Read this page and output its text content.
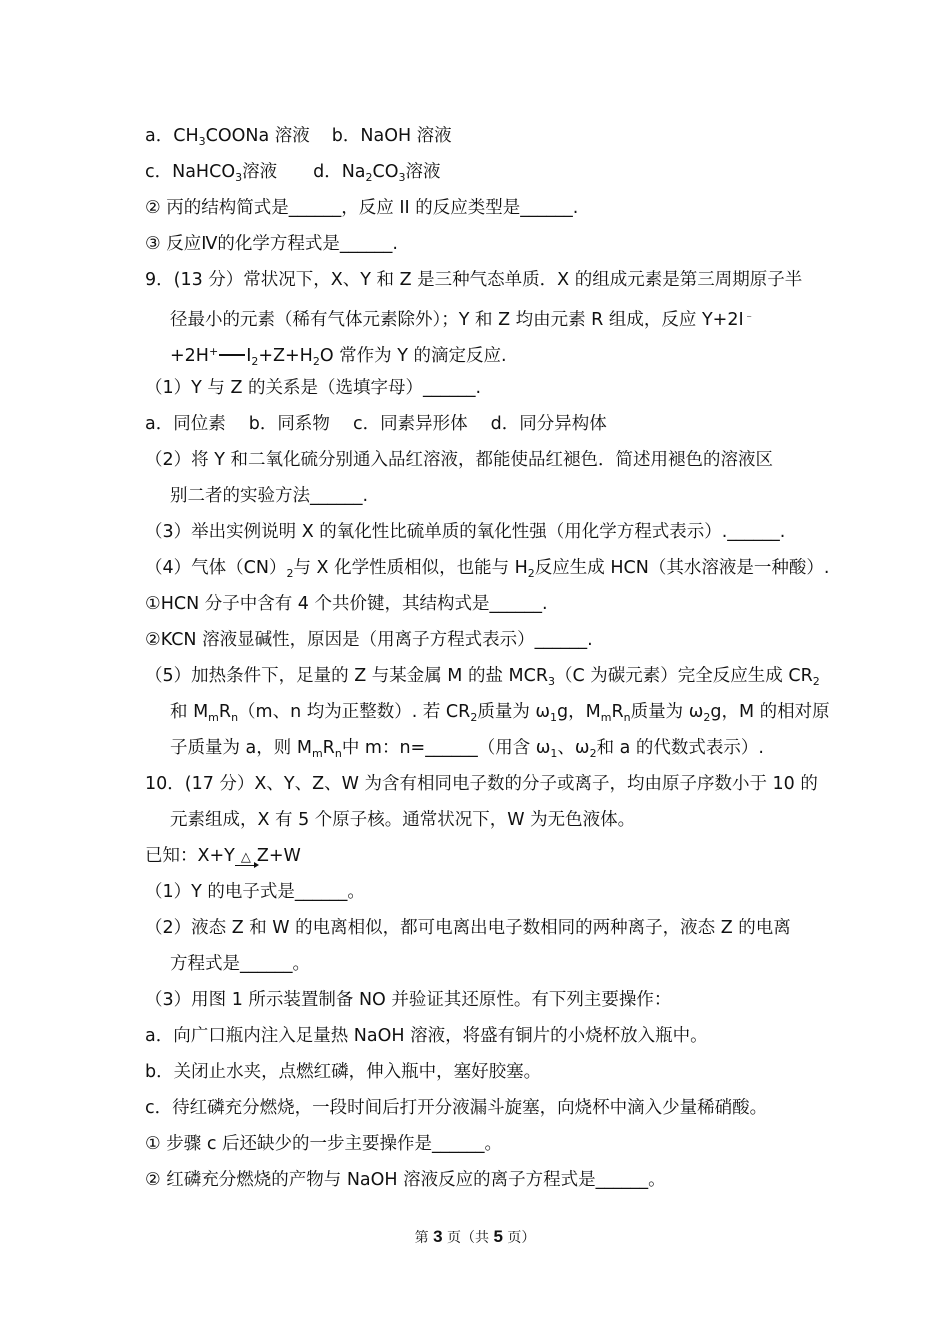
a．$CH_3COONa$ 溶液 b．NaOH 溶液
c．NaHCO$_3$溶液 d．$Na_2CO_3$溶液
② 丙的结构简式是______，反应 II 的反应类型是______.
③ 反应Ⅳ的化学方程式是______.
9．(13 分）常状况下，X、Y 和 Z 是三种气态单质．X 的组成元素是第三周期原子半
径最小的元素（稀有气体元素除外）；Y 和 Z 均由元素 R 组成，反应 Y+2I﹣
+2H+ $I_2+Z+H_2O$ 常作为 Y 的滴定反应.
（1）Y 与 Z 的关系是（选填字母）______.
a．同位素　 b．同系物　 c．同素异形体　 d．同分异构体
（2）将 Y 和二氧化硫分别通入品红溶液，都能使品红褪色．简述用褪色的溶液区
别二者的实验方法______.
（3）举出实例说明 X 的氧化性比硫单质的氧化性强（用化学方程式表示）.______.
（4）气体$(CN)_2$与 X 化学性质相似，也能与 $H_2$反应生成 HCN（其水溶液是一种酸）.
①HCN 分子中含有 4 个共价键，其结构式是______.
②KCN 溶液显碱性，原因是（用离子方程式表示）______.
（5）加热条件下，足量的 Z 与某金属 M 的盐 $MCR_3(C$ 为碳元素）完全反应生成 $CR_2$
和 $M_mR_n(m$、n 均为正整数）. 若 $CR_2$质量为 $\omega_1g$，$M_mR_n$质量为 $\omega_2g$，M 的相对原
子质量为 a，则 $M_mR_n$中 m：n=______（用含 $\omega_1$、$\omega_2$和 a 的代数式表示）.
10．(17 分）X、Y、Z、W 为含有相同电子数的分子或离子，均由原子序数小于 10 的
元素组成，X 有 5 个原子核。通常状况下，W 为无色液体。
已知：X+Y △ Z+W
（1）Y 的电子式是______。
（2）液态 Z 和 W 的电离相似，都可电离出电子数相同的两种离子，液态 Z 的电离
方程式是______。
（3）用图 1 所示装置制备 NO 并验证其还原性。有下列主要操作：
a．向广口瓶内注入足量热 NaOH 溶液，将盛有铜片的小烧杯放入瓶中。
b．关闭止水夹，点燃红磷，伸入瓶中，塞好胶塞。
c．待红磷充分燃烧，一段时间后打开分液漏斗旋塞，向烧杯中滴入少量稀硝酸。
① 步骤 c 后还缺少的一步主要操作是______。
② 红磷充分燃烧的产物与 NaOH 溶液反应的离子方程式是______。
第 3 页（共 5 页）
